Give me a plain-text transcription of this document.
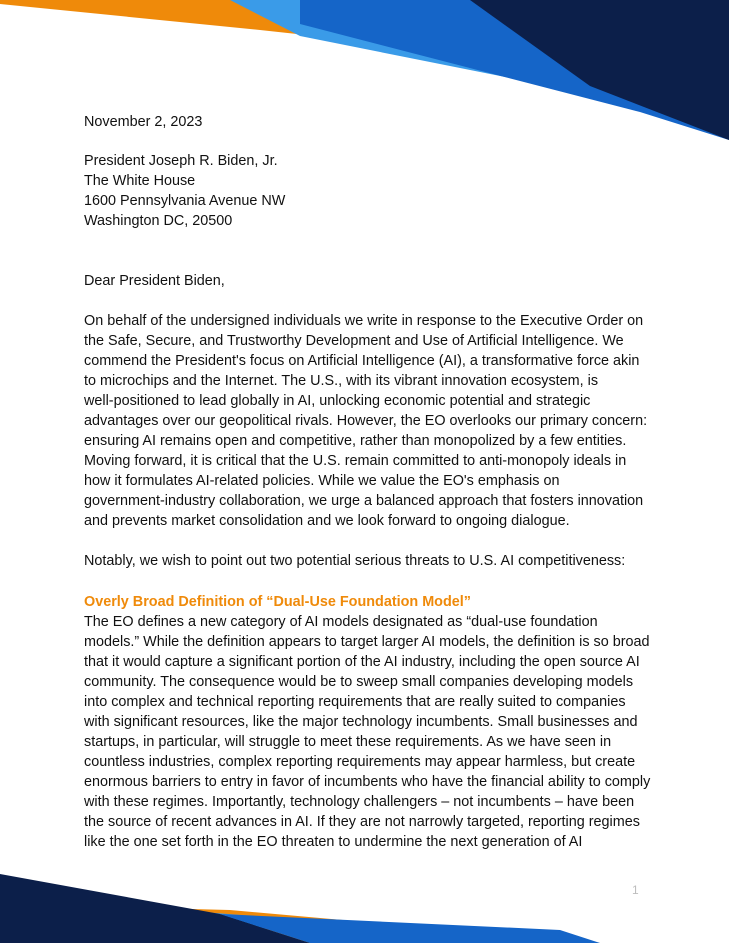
November 2, 2023
President Joseph R. Biden, Jr.
The White House
1600 Pennsylvania Avenue NW
Washington DC, 20500
Dear President Biden,
On behalf of the undersigned individuals we write in response to the Executive Order on
the Safe, Secure, and Trustworthy Development and Use of Artificial Intelligence. We
commend the President's focus on Artificial Intelligence (AI), a transformative force akin
to microchips and the Internet. The U.S., with its vibrant innovation ecosystem, is
well-positioned to lead globally in AI, unlocking economic potential and strategic
advantages over our geopolitical rivals. However, the EO overlooks our primary concern:
ensuring AI remains open and competitive, rather than monopolized by a few entities.
Moving forward, it is critical that the U.S. remain committed to anti-monopoly ideals in
how it formulates AI-related policies. While we value the EO's emphasis on
government-industry collaboration, we urge a balanced approach that fosters innovation
and prevents market consolidation and we look forward to ongoing dialogue.
Notably, we wish to point out two potential serious threats to U.S. AI competitiveness:
Overly Broad Definition of “Dual-Use Foundation Model”
The EO defines a new category of AI models designated as “dual-use foundation
models.” While the definition appears to target larger AI models, the definition is so broad
that it would capture a significant portion of the AI industry, including the open source AI
community. The consequence would be to sweep small companies developing models
into complex and technical reporting requirements that are really suited to companies
with significant resources, like the major technology incumbents. Small businesses and
startups, in particular, will struggle to meet these requirements. As we have seen in
countless industries, complex reporting requirements may appear harmless, but create
enormous barriers to entry in favor of incumbents who have the financial ability to comply
with these regimes. Importantly, technology challengers – not incumbents – have been
the source of recent advances in AI. If they are not narrowly targeted, reporting regimes
like the one set forth in the EO threaten to undermine the next generation of AI
1
